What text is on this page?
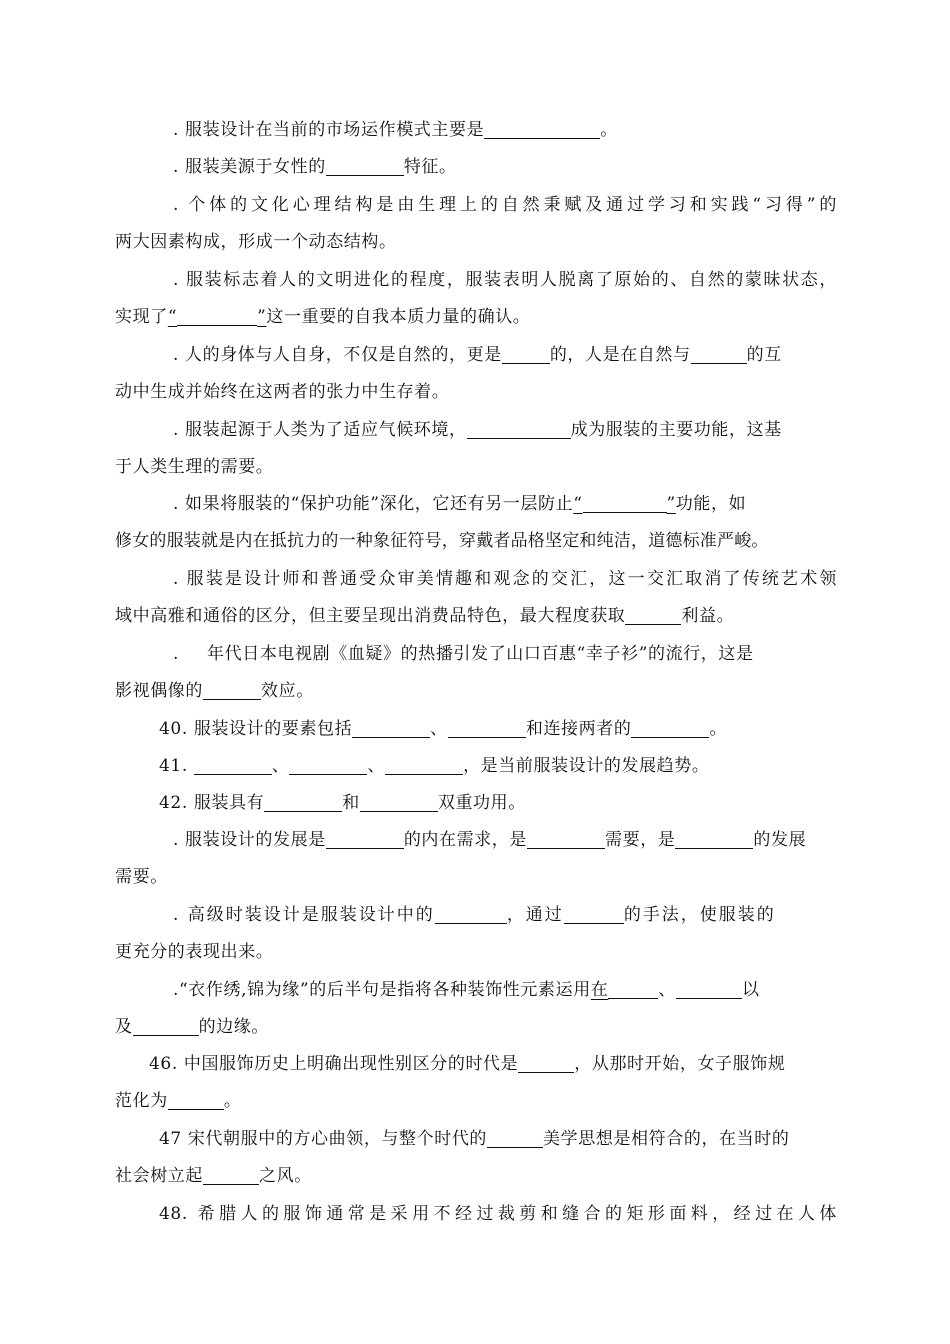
. 服装设计在当前的市场运作模式主要是	。
. 服装美源于女性的	特征。
. 个体的文化心理结构是由生理上的自然秉赋及通过学习和实践“习得”的
两大因素构成，形成一个动态结构。
. 服装标志着人的文明进化的程度，服装表明人脱离了原始的、自然的蒙昧状态，
实现了“	”这一重要的自我本质力量的确认。
. 人的身体与人自身，不仅是自然的，更是	的，人是在自然与	的互
动中生成并始终在这两者的张力中生存着。
. 服装起源于人类为了适应气候环境，	成为服装的主要功能，这基
于人类生理的需要。
. 如果将服装的“保护功能”深化，它还有另一层防止“	”功能，如
修女的服装就是内在抵抗力的一种象征符号，穿戴者品格坚定和纯洁，道德标准严峻。
. 服装是设计师和普通受众审美情趣和观念的交汇，这一交汇取消了传统艺术领
域中高雅和通俗的区分，但主要呈现出消费品特色，最大程度获取	利益。
. 年代日本电视剧《血疑》的热播引发了山口百惠“幸子衫”的流行，这是
影视偶像的	效应。
40. 服装设计的要素包括	、	和连接两者的	。
41.	、	、	，是当前服装设计的发展趋势。
42. 服装具有	和	双重功用。
. 服装设计的发展是	的内在需求，是	需要，是	的发展
需要。
. 高级时装设计是服装设计中的	，通过	的手法，使服装的
更充分的表现出来。
.“衣作绣,锦为缘”的后半句是指将各种装饰性元素运用在	、	以
及	的边缘。
46. 中国服饰历史上明确出现性别区分的时代是	，从那时开始，女子服饰规
范化为	。
47 宋代朝服中的方心曲领，与整个时代的	美学思想是相符合的，在当时的
社会树立起	之风。
48. 希腊人的服饰通常是采用不经过裁剪和缝合的矩形面料，经过在人体
